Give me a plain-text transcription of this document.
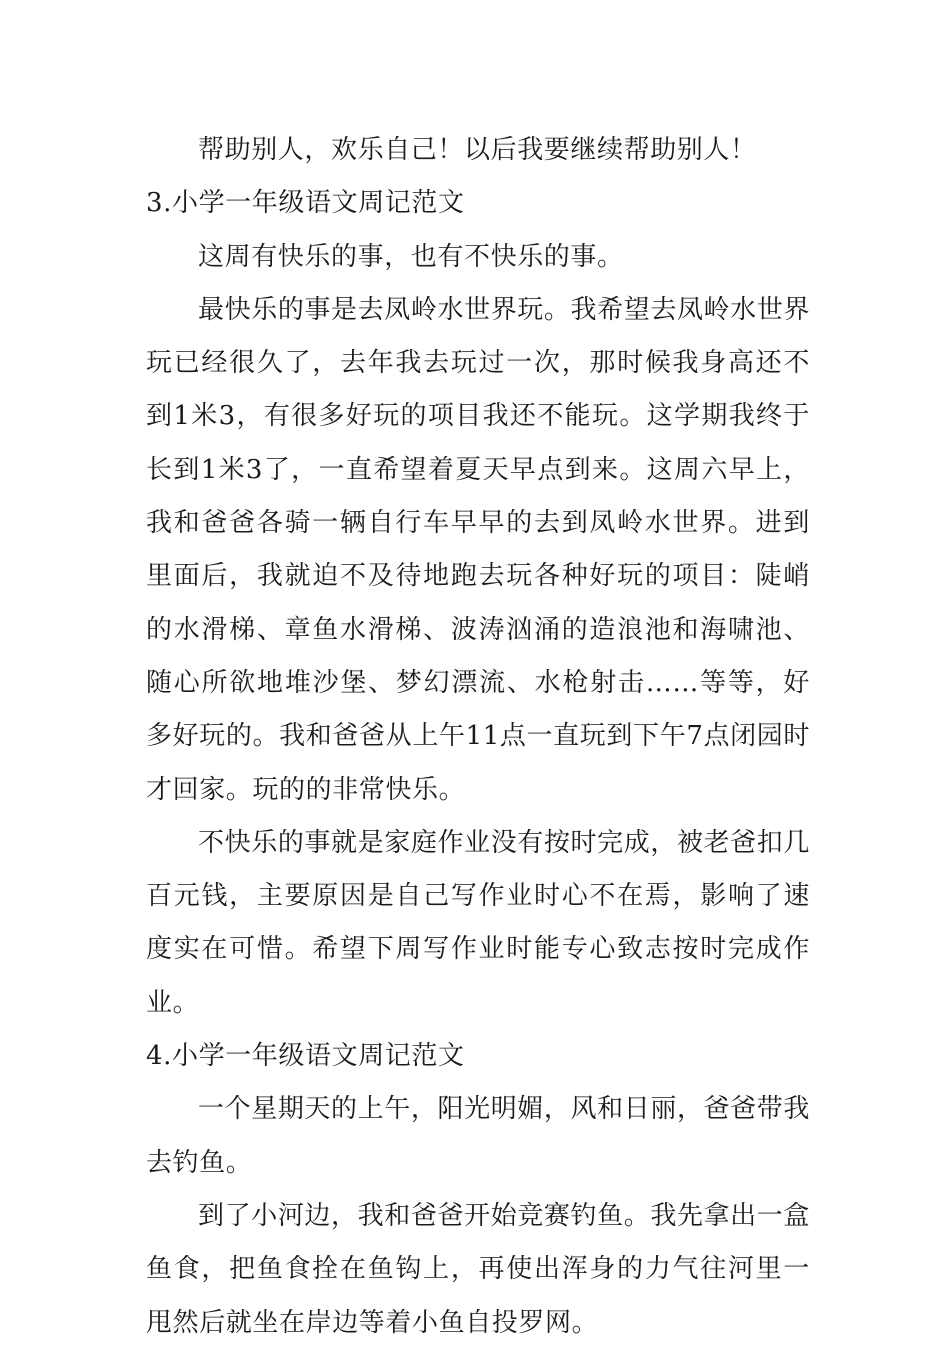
帮助别人，欢乐自己！以后我要继续帮助别人！

3.小学一年级语文周记范文

这周有快乐的事，也有不快乐的事。

最快乐的事是去凤岭水世界玩。我希望去凤岭水世界玩已经很久了，去年我去玩过一次，那时候我身高还不到1米3，有很多好玩的项目我还不能玩。这学期我终于长到1米3了，一直希望着夏天早点到来。这周六早上，我和爸爸各骑一辆自行车早早的去到凤岭水世界。进到里面后，我就迫不及待地跑去玩各种好玩的项目：陡峭的水滑梯、章鱼水滑梯、波涛汹涌的造浪池和海啸池、随心所欲地堆沙堡、梦幻漂流、水枪射击……等等，好多好玩的。我和爸爸从上午11点一直玩到下午7点闭园时才回家。玩的的非常快乐。

不快乐的事就是家庭作业没有按时完成，被老爸扣几百元钱，主要原因是自己写作业时心不在焉，影响了速度实在可惜。希望下周写作业时能专心致志按时完成作业。

4.小学一年级语文周记范文

一个星期天的上午，阳光明媚，风和日丽，爸爸带我去钓鱼。

到了小河边，我和爸爸开始竞赛钓鱼。我先拿出一盒鱼食，把鱼食拴在鱼钩上，再使出浑身的力气往河里一甩然后就坐在岸边等着小鱼自投罗网。
